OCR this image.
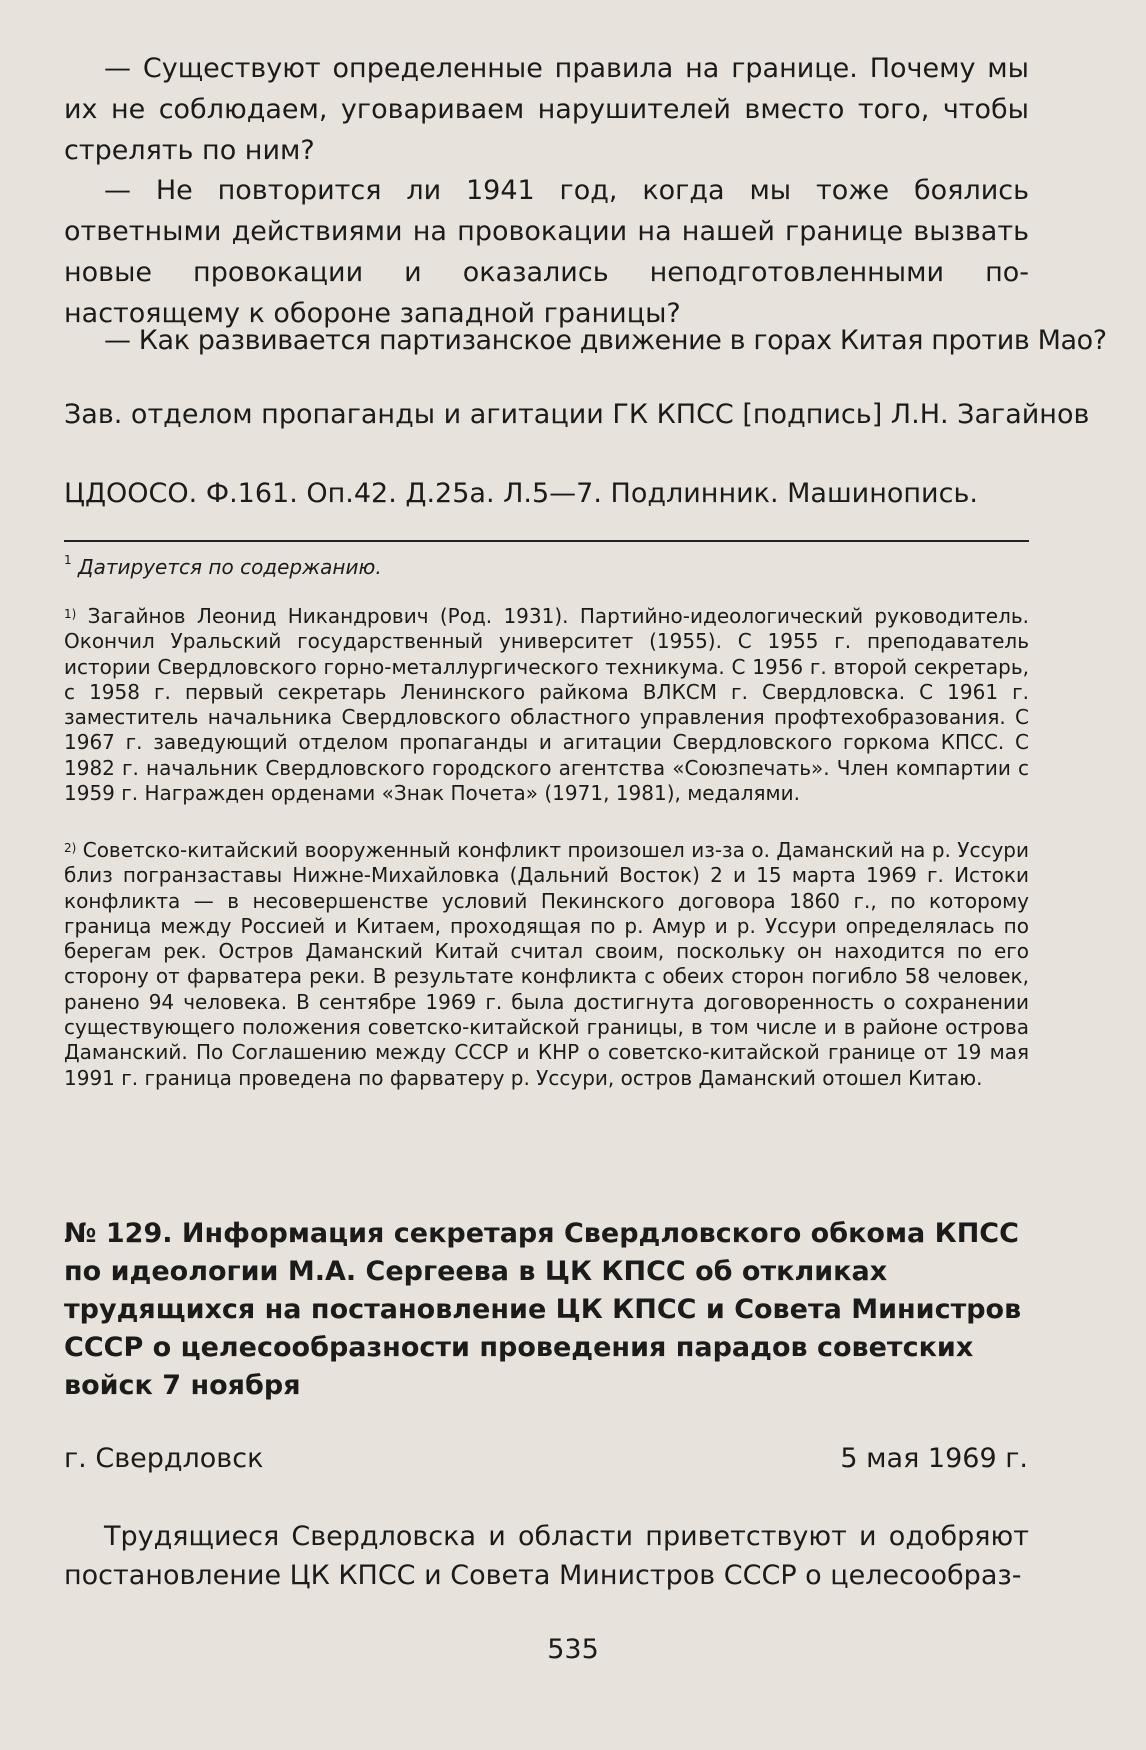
— Существуют определенные правила на границе. Почему мы их не соблюдаем, уговариваем нарушителей вместо того, чтобы стрелять по ним?

— Не повторится ли 1941 год, когда мы тоже боялись ответными действиями на провокации на нашей границе вызвать новые провокации и оказались неподготовленными по-настоящему к обороне западной границы?

— Как развивается партизанское движение в горах Китая против Мао?

Зав. отделом пропаганды и агитации ГК КПСС [подпись] Л.Н. Загайнов
ЦДООСО. Ф.161. Оп.42. Д.25а. Л.5—7. Подлинник. Машинопись.
$^1$ Датируется по содержанию.
$^{1)}$ Загайнов Леонид Никандрович (Род. 1931). Партийно-идеологический руководитель. Окончил Уральский государственный университет (1955). С 1955 г. преподаватель истории Свердловского горно-металлургического техникума. С 1956 г. второй секретарь, с 1958 г. первый секретарь Ленинского райкома ВЛКСМ г. Свердловска. С 1961 г. заместитель начальника Свердловского областного управления профтехобразования. С 1967 г. заведующий отделом пропаганды и агитации Свердловского горкома КПСС. С 1982 г. начальник Свердловского городского агентства «Союзпечать». Член компартии с 1959 г. Награжден орденами «Знак Почета» (1971, 1981), медалями.
$^{2)}$ Советско-китайский вооруженный конфликт произошел из-за о. Даманский на р. Уссури близ погранзаставы Нижне-Михайловка (Дальний Восток) 2 и 15 марта 1969 г. Истоки конфликта — в несовершенстве условий Пекинского договора 1860 г., по которому граница между Россией и Китаем, проходящая по р. Амур и р. Уссури определялась по берегам рек. Остров Даманский Китай считал своим, поскольку он находится по его сторону от фарватера реки. В результате конфликта с обеих сторон погибло 58 человек, ранено 94 человека. В сентябре 1969 г. была достигнута договоренность о сохранении существующего положения советско-китайской границы, в том числе и в районе острова Даманский. По Соглашению между СССР и КНР о советско-китайской границе от 19 мая 1991 г. граница проведена по фарватеру р. Уссури, остров Даманский отошел Китаю.
№ 129. Информация секретаря Свердловского обкома КПСС по идеологии М.А. Сергеева в ЦК КПСС об откликах трудящихся на постановление ЦК КПСС и Совета Министров СССР о целесообразности проведения парадов советских войск 7 ноября
г. Свердловск	5 мая 1969 г.

Трудящиеся Свердловска и области приветствуют и одобряют постановление ЦК КПСС и Совета Министров СССР о целесообраз-

535
